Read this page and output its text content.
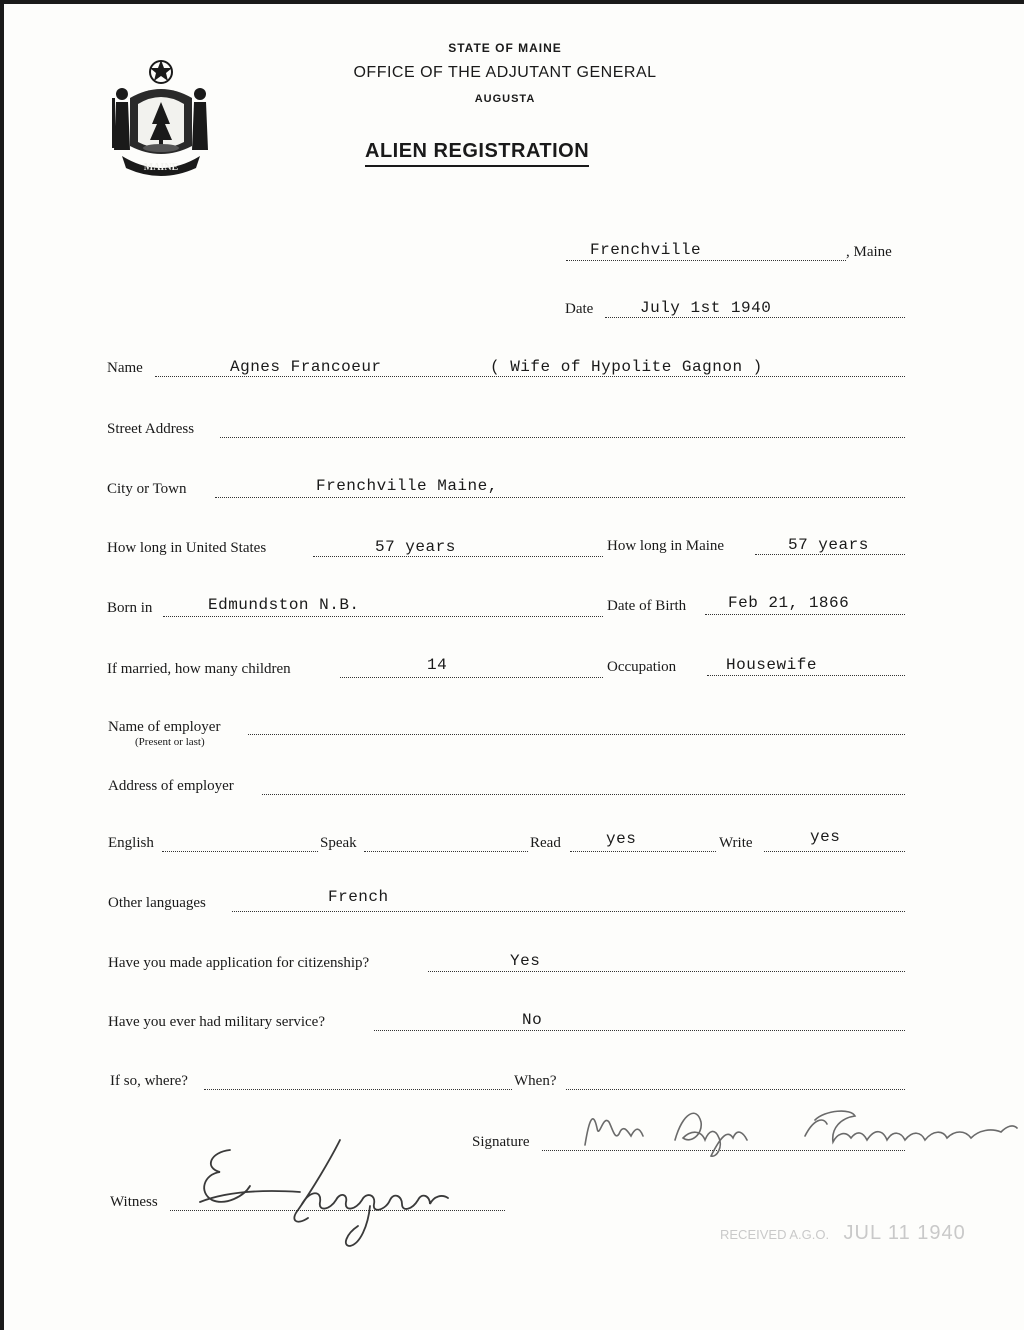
MAINE
STATE OF MAINE
OFFICE OF THE ADJUTANT GENERAL
AUGUSTA
ALIEN REGISTRATION
Frenchville	, Maine
Date	July 1st 1940
Name	Agnes Francoeur	( Wife of Hypolite Gagnon )
Street Address
City or Town	Frenchville Maine,
How long in United States	57 years	How long in Maine	57 years
Born in	Edmundston N.B.	Date of Birth	Feb 21, 1866
If married, how many children	14	Occupation	Housewife
Name of employer
(Present or last)
Address of employer
English	Speak	Read	yes	Write	yes
Other languages	French
Have you made application for citizenship?	Yes
Have you ever had military service?	No
If so, where?	When?
Signature
Witness
RECEIVED A.G.O. JUL 11 1940
